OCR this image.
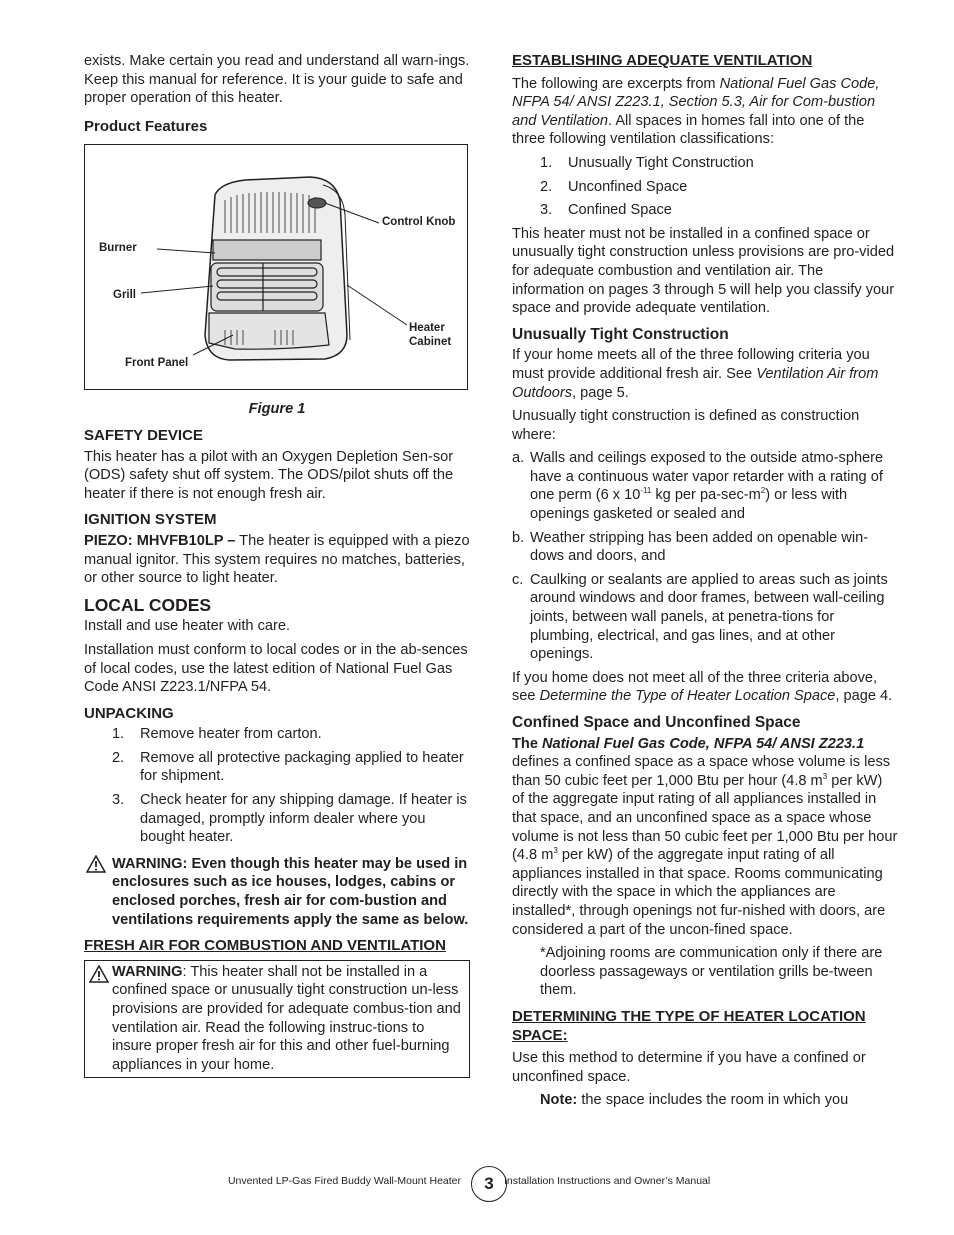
exists. Make certain you read and understand all warn-ings. Keep this manual for reference. It is your guide to safe and proper operation of this heater.

Product Features
Burner
Grill
Front Panel
Control Knob
Heater
Cabinet
Figure 1
SAFETY DEVICE

This heater has a pilot with an Oxygen Depletion Sen-sor (ODS) safety shut off system. The ODS/pilot shuts off the heater if there is not enough fresh air.

IGNITION SYSTEM

PIEZO: MHVFB10LP – The heater is equipped with a piezo manual ignitor. This system requires no matches, batteries, or other source to light heater.

LOCAL CODES

Install and use heater with care.

Installation must conform to local codes or in the ab-sences of local codes, use the latest edition of National Fuel Gas Code ANSI Z223.1/NFPA 54.

UNPACKING
1. Remove heater from carton.
2. Remove all protective packaging applied to heater for shipment.
3. Check heater for any shipping damage. If heater is damaged, promptly inform dealer where you bought heater.
WARNING: Even though this heater may be used in enclosures such as ice houses, lodges, cabins or enclosed porches, fresh air for com-bustion and ventilations requirements apply the same as below.
FRESH AIR FOR COMBUSTION AND VENTILATION
WARNING: This heater shall not be installed in a confined space or unusually tight construction un-less provisions are provided for adequate combus-tion and ventilation air. Read the following instruc-tions to insure proper fresh air for this and other fuel-burning appliances in your home.
ESTABLISHING ADEQUATE VENTILATION

The following are excerpts from National Fuel Gas Code, NFPA 54/ ANSI Z223.1, Section 5.3, Air for Com-bustion and Ventilation. All spaces in homes fall into one of the three following ventilation classifications:

1. Unusually Tight Construction
2. Unconfined Space
3. Confined Space

This heater must not be installed in a confined space or unusually tight construction unless provisions are pro-vided for adequate combustion and ventilation air. The information on pages 3 through 5 will help you classify your space and provide adequate ventilation.

Unusually Tight Construction

If your home meets all of the three following criteria you must provide additional fresh air. See Ventilation Air from Outdoors, page 5.

Unusually tight construction is defined as construction where:

a. Walls and ceilings exposed to the outside atmo-sphere have a continuous water vapor retarder with a rating of one perm (6 x $10^{-11}$ kg per $pa-\sec-m^2$) or less with openings gasketed or sealed and
b. Weather stripping has been added on openable win-dows and doors, and
c. Caulking or sealants are applied to areas such as joints around windows and door frames, between wall-ceiling joints, between wall panels, at penetra-tions for plumbing, electrical, and gas lines, and at other openings.

If you home does not meet all of the three criteria above, see Determine the Type of Heater Location Space, page 4.

Confined Space and Unconfined Space

The National Fuel Gas Code, NFPA 54/ ANSI Z223.1 defines a confined space as a space whose volume is less than 50 cubic feet per 1,000 Btu per hour (4.8 $m^3$ per kW) of the aggregate input rating of all appliances installed in that space, and an unconfined space as a space whose volume is not less than 50 cubic feet per 1,000 Btu per hour (4.8 $m^3$ per kW) of the aggregate input rating of all appliances installed in that space. Rooms communicating directly with the space in which the appliances are installed*, through openings not fur-nished with doors, are considered a part of the uncon-fined space.

*Adjoining rooms are communication only if there are doorless passageways or ventilation grills be-tween them.

DETERMINING THE TYPE OF HEATER LOCATION SPACE:

Use this method to determine if you have a confined or unconfined space.

Note: the space includes the room in which you

Unvented LP-Gas Fired Buddy Wall-Mount Heater	3 Installation Instructions and Owner’s Manual
